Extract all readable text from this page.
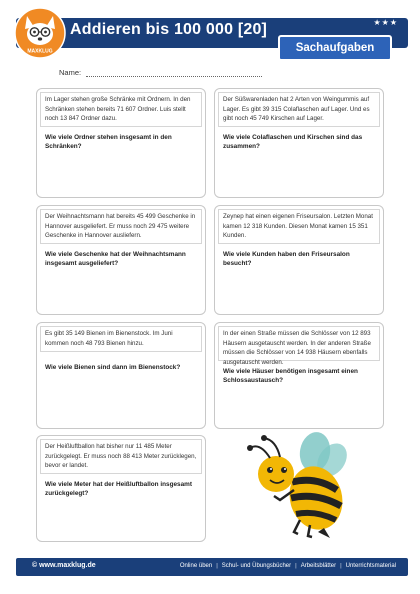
Addieren bis 100 000 [20]	★★★
Sachaufgaben
MAXKLUG
Name:
Im Lager stehen große Schränke mit Ordnern. In den Schränken stehen bereits 71 607 Ordner. Luis stellt noch 13 847 Ordner dazu.
Wie viele Ordner stehen insgesamt in den Schränken?
Der Süßwarenladen hat 2 Arten von Weingummis auf Lager. Es gibt 39 315 Colaflaschen auf Lager. Und es gibt noch 45 749 Kirschen auf Lager.
Wie viele Colaflaschen und Kirschen sind das zusammen?
Der Weihnachtsmann hat bereits 45 499 Geschenke in Hannover ausgeliefert. Er muss noch 29 475 weitere Geschenke in Hannover ausliefern.
Wie viele Geschenke hat der Weihnachtsmann insgesamt ausgeliefert?
Zeynep hat einen eigenen Friseursalon. Letzten Monat kamen 12 318 Kunden. Diesen Monat kamen 15 351 Kunden.
Wie viele Kunden haben den Friseursalon besucht?
Es gibt 35 149 Bienen im Bienenstock. Im Juni kommen noch 48 793 Bienen hinzu.
Wie viele Bienen sind dann im Bienenstock?
In der einen Straße müssen die Schlösser von 12 893 Häusern ausgetauscht werden. In der anderen Straße müssen die Schlösser von 14 938 Häusern ebenfalls ausgetauscht werden.
Wie viele Häuser benötigen insgesamt einen Schlossaustausch?
Der Heißluftballon hat bisher nur 11 485 Meter zurückgelegt. Er muss noch 88 413 Meter zurücklegen, bevor er landet.
Wie viele Meter hat der Heißluftballon insgesamt zurückgelegt?
© www.maxklug.de	Online üben | Schul- und Übungsbücher | Arbeitsblätter | Unterrichtsmaterial
